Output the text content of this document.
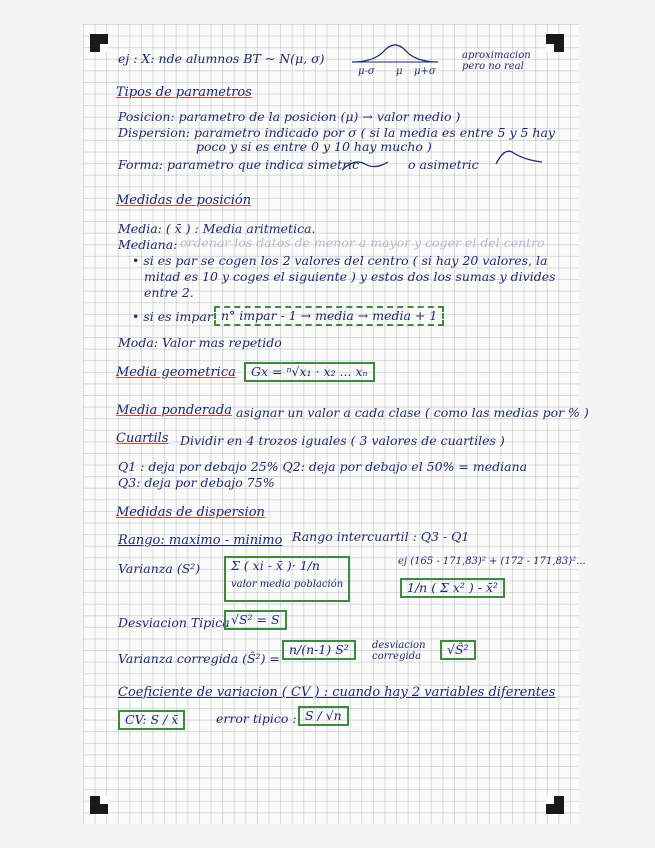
ej : X: nde alumnos BT ~ N(μ, σ)
μ-σ μ μ+σ
aproximacion pero no real
Tipos de parametros
Posicion: parametro de la posicion (μ) → valor medio )
Dispersion: parametro indicado por σ ( si la media es entre 5 y 5 hay
poco y si es entre 0 y 10 hay mucho )
Forma: parametro que indica simetric	o asimetric
Medidas de posición
Media: ( x̄ ) : Media aritmetica.
Mediana: ordenar los datos de menor a mayor y coger el del centro
• si es par se cogen los 2 valores del centro ( si hay 20 valores, la
mitad es 10 y coges el siguiente ) y estos dos los sumas y divides
entre 2.
• si es impar n° impar - 1 → media → media + 1
Moda: Valor mas repetido
Media geometrica	Gx = ⁿ√x₁ · x₂ ... xₙ
Media ponderada asignar un valor a cada clase ( como las medias por % )
Cuartils Dividir en 4 trozos iguales ( 3 valores de cuartiles )
Q1 : deja por debajo 25% Q2: deja por debajo el 50% = mediana
Q3: deja por debajo 75%
Medidas de dispersion
Rango: maximo - minimo Rango intercuartil : Q3 - Q1
Varianza (S²) Σ ( xi - x̄ )· 1/n
valor media población
ej (165 - 171,83)² + (172 - 171,83)²...
1/n ( Σ x² ) - x̄²
Desviacion Tipica √S² = S
Varianza corregida (Ŝ²) =
n/(n-1) S²	desviacion corregida	√Ŝ²
Coeficiente de variacion ( CV ) : cuando hay 2 variables diferentes
CV: S / x̄	error tipico : S / √n
